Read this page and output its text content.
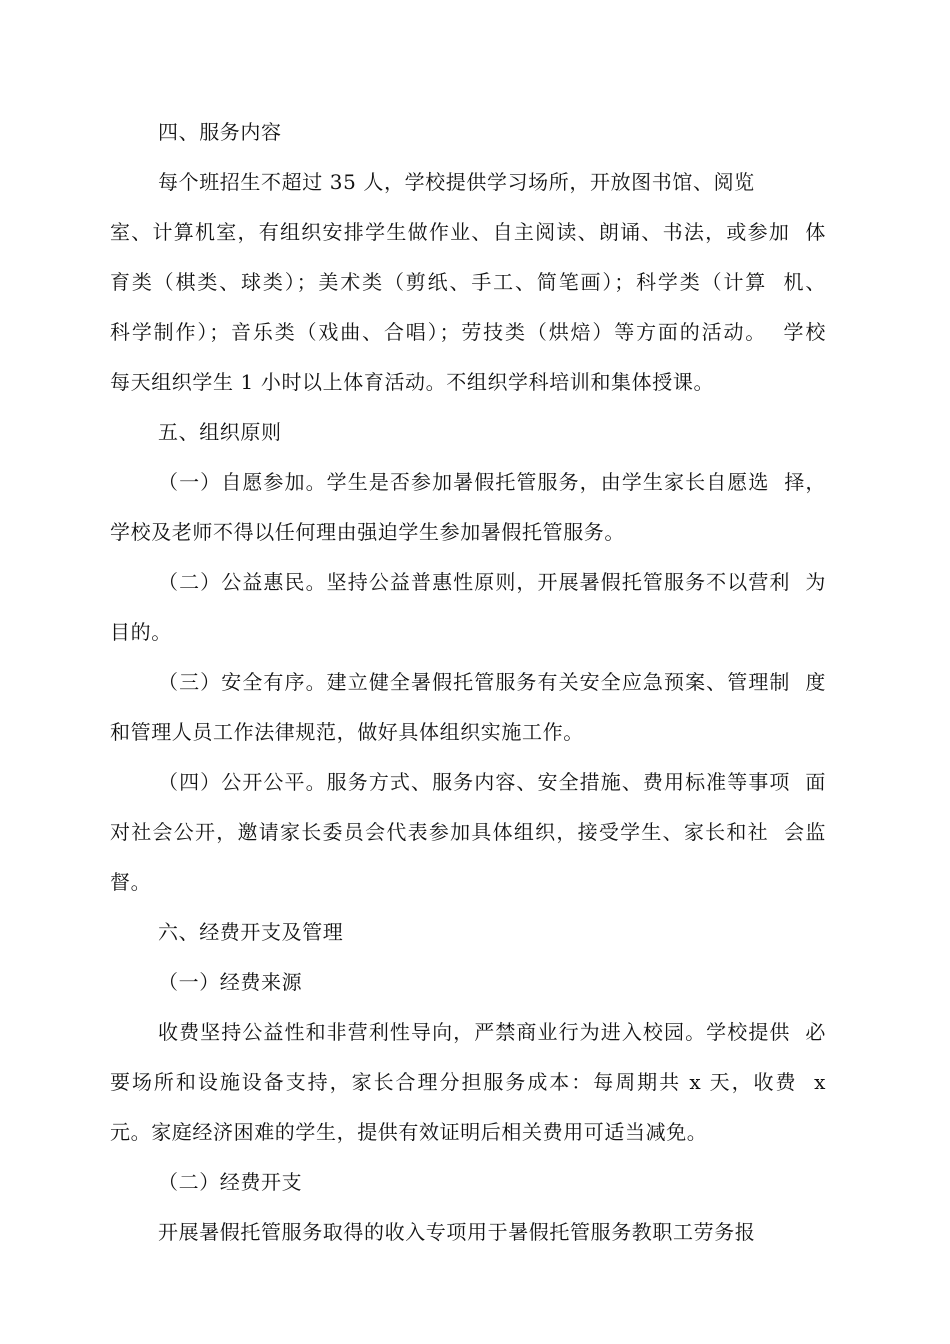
四、服务内容
每个班招生不超过 35 人，学校提供学习场所，开放图书馆、阅览
室、计算机室，有组织安排学生做作业、自主阅读、朗诵、书法，或参加  体
育类（棋类、球类）；美术类（剪纸、手工、简笔画）；科学类（计算  机、
科学制作）；音乐类（戏曲、合唱）；劳技类（烘焙）等方面的活动。  学校
每天组织学生 1 小时以上体育活动。不组织学科培训和集体授课。
五、组织原则
（一）自愿参加。学生是否参加暑假托管服务，由学生家长自愿选  择，
学校及老师不得以任何理由强迫学生参加暑假托管服务。
（二）公益惠民。坚持公益普惠性原则，开展暑假托管服务不以营利  为
目的。
（三）安全有序。建立健全暑假托管服务有关安全应急预案、管理制  度
和管理人员工作法律规范，做好具体组织实施工作。
（四）公开公平。服务方式、服务内容、安全措施、费用标准等事项  面
对社会公开，邀请家长委员会代表参加具体组织，接受学生、家长和社  会监
督。
六、经费开支及管理
（一）经费来源
收费坚持公益性和非营利性导向，严禁商业行为进入校园。学校提供  必
要场所和设施设备支持，家长合理分担服务成本：每周期共 x 天，收费  x
元。家庭经济困难的学生，提供有效证明后相关费用可适当减免。
（二）经费开支
开展暑假托管服务取得的收入专项用于暑假托管服务教职工劳务报
